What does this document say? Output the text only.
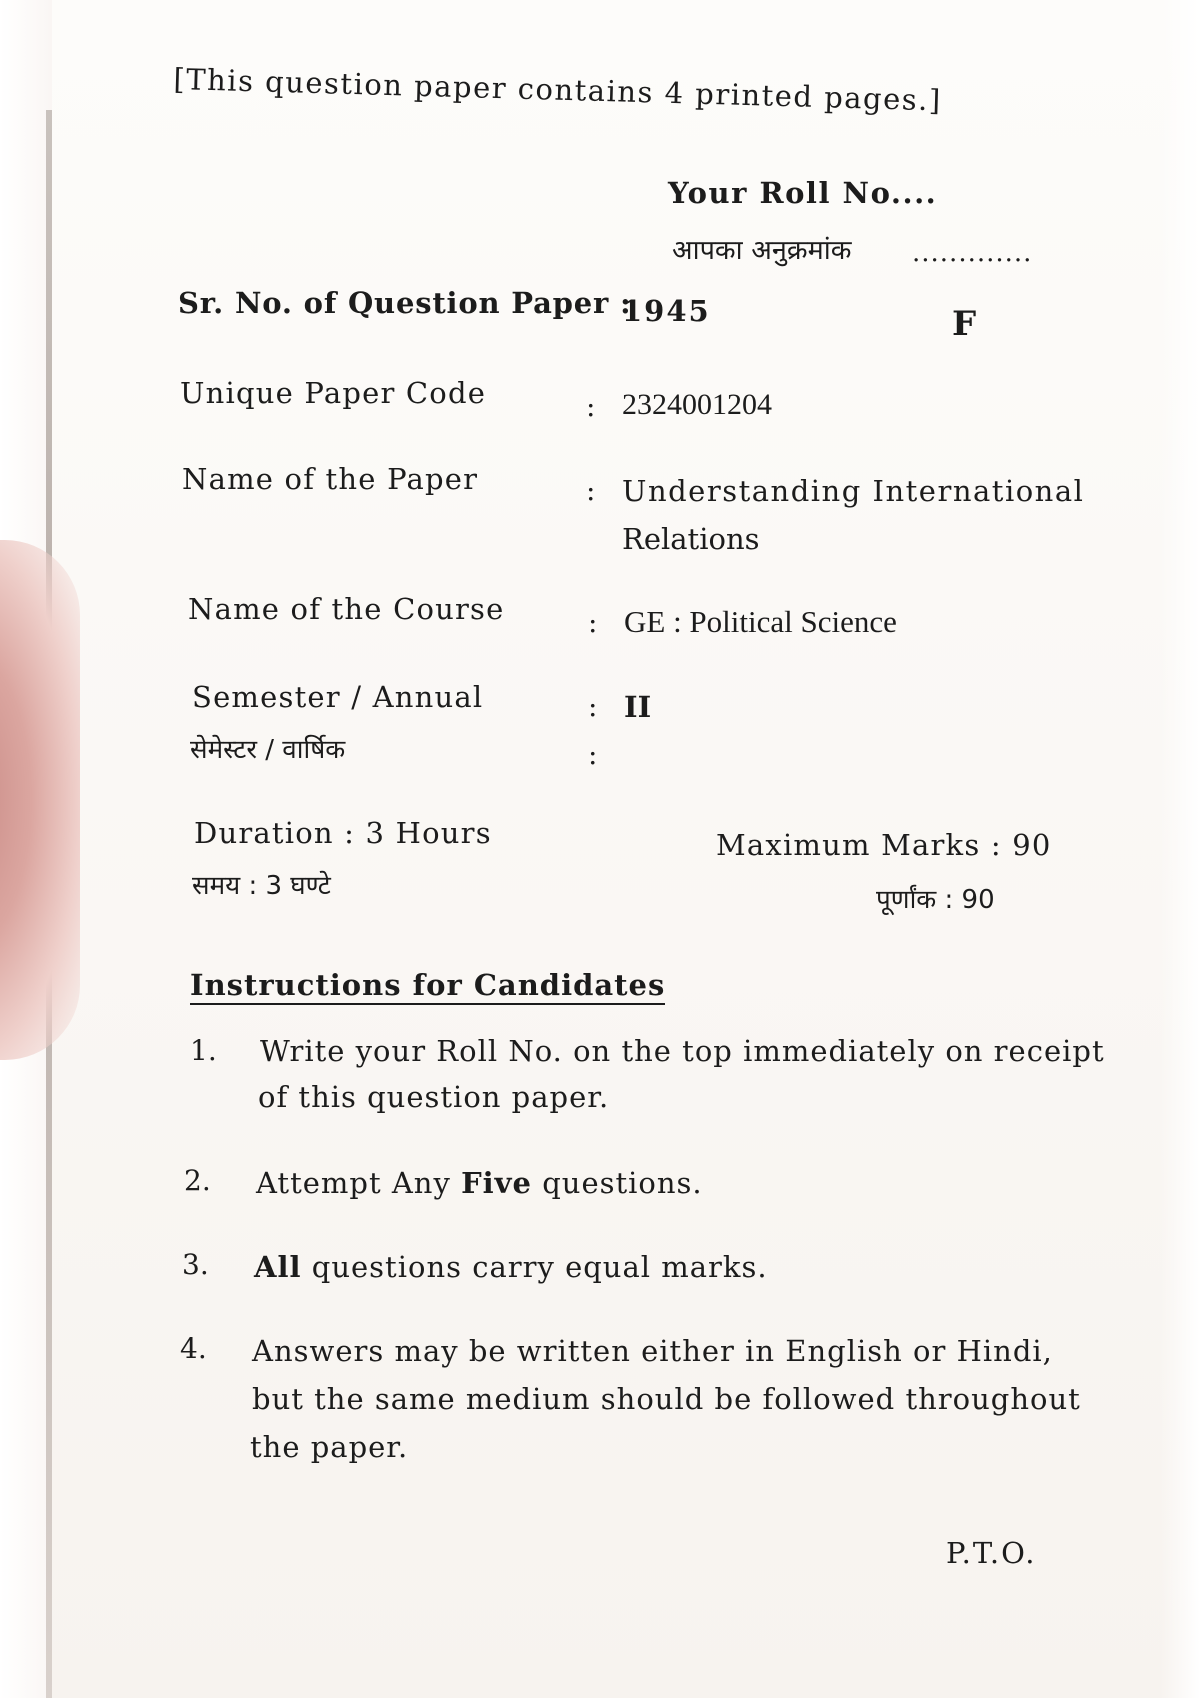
[This question paper contains 4 printed pages.]
Your Roll No....
आपका अनुक्रमांक .............
Sr. No. of Question Paper :
1945	F
Unique Paper Code	: 2324001204
Name of the Paper	: Understanding International
Relations
Name of the Course	: GE : Political Science
Semester / Annual	: II
सेमेस्टर / वार्षिक	:
Duration : 3 Hours
समय : 3 घण्टे
Maximum Marks : 90
पूर्णांक : 90
Instructions for Candidates
1. Write your Roll No. on the top immediately on receipt
of this question paper.
2. Attempt Any Five questions.
3. All questions carry equal marks.
4. Answers may be written either in English or Hindi,
but the same medium should be followed throughout
the paper.
P.T.O.
